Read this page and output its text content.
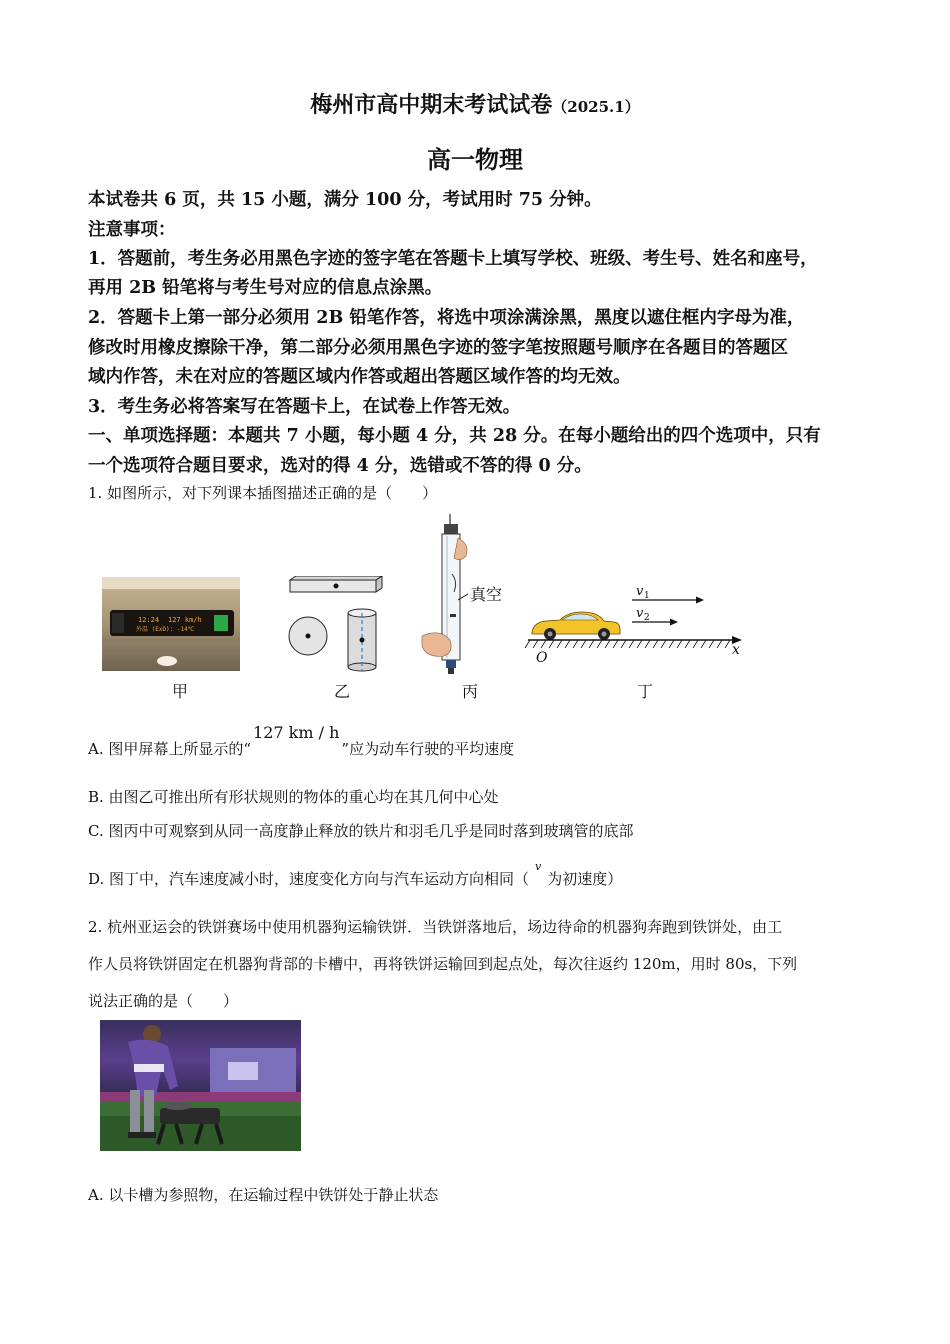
梅州市高中期末考试试卷（2025.1）
高一物理
本试卷共 6 页，共 15 小题，满分 100 分，考试用时 75 分钟。
注意事项：
1．答题前，考生务必用黑色字迹的签字笔在答题卡上填写学校、班级、考生号、姓名和座号，
再用 2B 铅笔将与考生号对应的信息点涂黑。
2．答题卡上第一部分必须用 2B 铅笔作答，将选中项涂满涂黑，黑度以遮住框内字母为准，
修改时用橡皮擦除干净，第二部分必须用黑色字迹的签字笔按照题号顺序在各题目的答题区
域内作答，未在对应的答题区域内作答或超出答题区域作答的均无效。
3．考生务必将答案写在答题卡上，在试卷上作答无效。
一、单项选择题：本题共 7 小题，每小题 4 分，共 28 分。在每小题给出的四个选项中，只有
一个选项符合题目要求，选对的得 4 分，选错或不答的得 0 分。
1. 如图所示，对下列课本插图描述正确的是（　　）
12:24 127 km/h
外温 (ExD): -14℃
甲	乙
真空
丙
v 1
v 2
O	x
丁
A. 图甲屏幕上所显示的“127 km / h”应为动车行驶的平均速度
B. 由图乙可推出所有形状规则的物体的重心均在其几何中心处
C. 图丙中可观察到从同一高度静止释放的铁片和羽毛几乎是同时落到玻璃管的底部
D. 图丁中，汽车速度减小时，速度变化方向与汽车运动方向相同（$^v$为初速度）
2. 杭州亚运会的铁饼赛场中使用机器狗运输铁饼．当铁饼落地后，场边待命的机器狗奔跑到铁饼处，由工
作人员将铁饼固定在机器狗背部的卡槽中，再将铁饼运输回到起点处，每次往返约 120m，用时 80s，下列
说法正确的是（　　）
A. 以卡槽为参照物，在运输过程中铁饼处于静止状态
